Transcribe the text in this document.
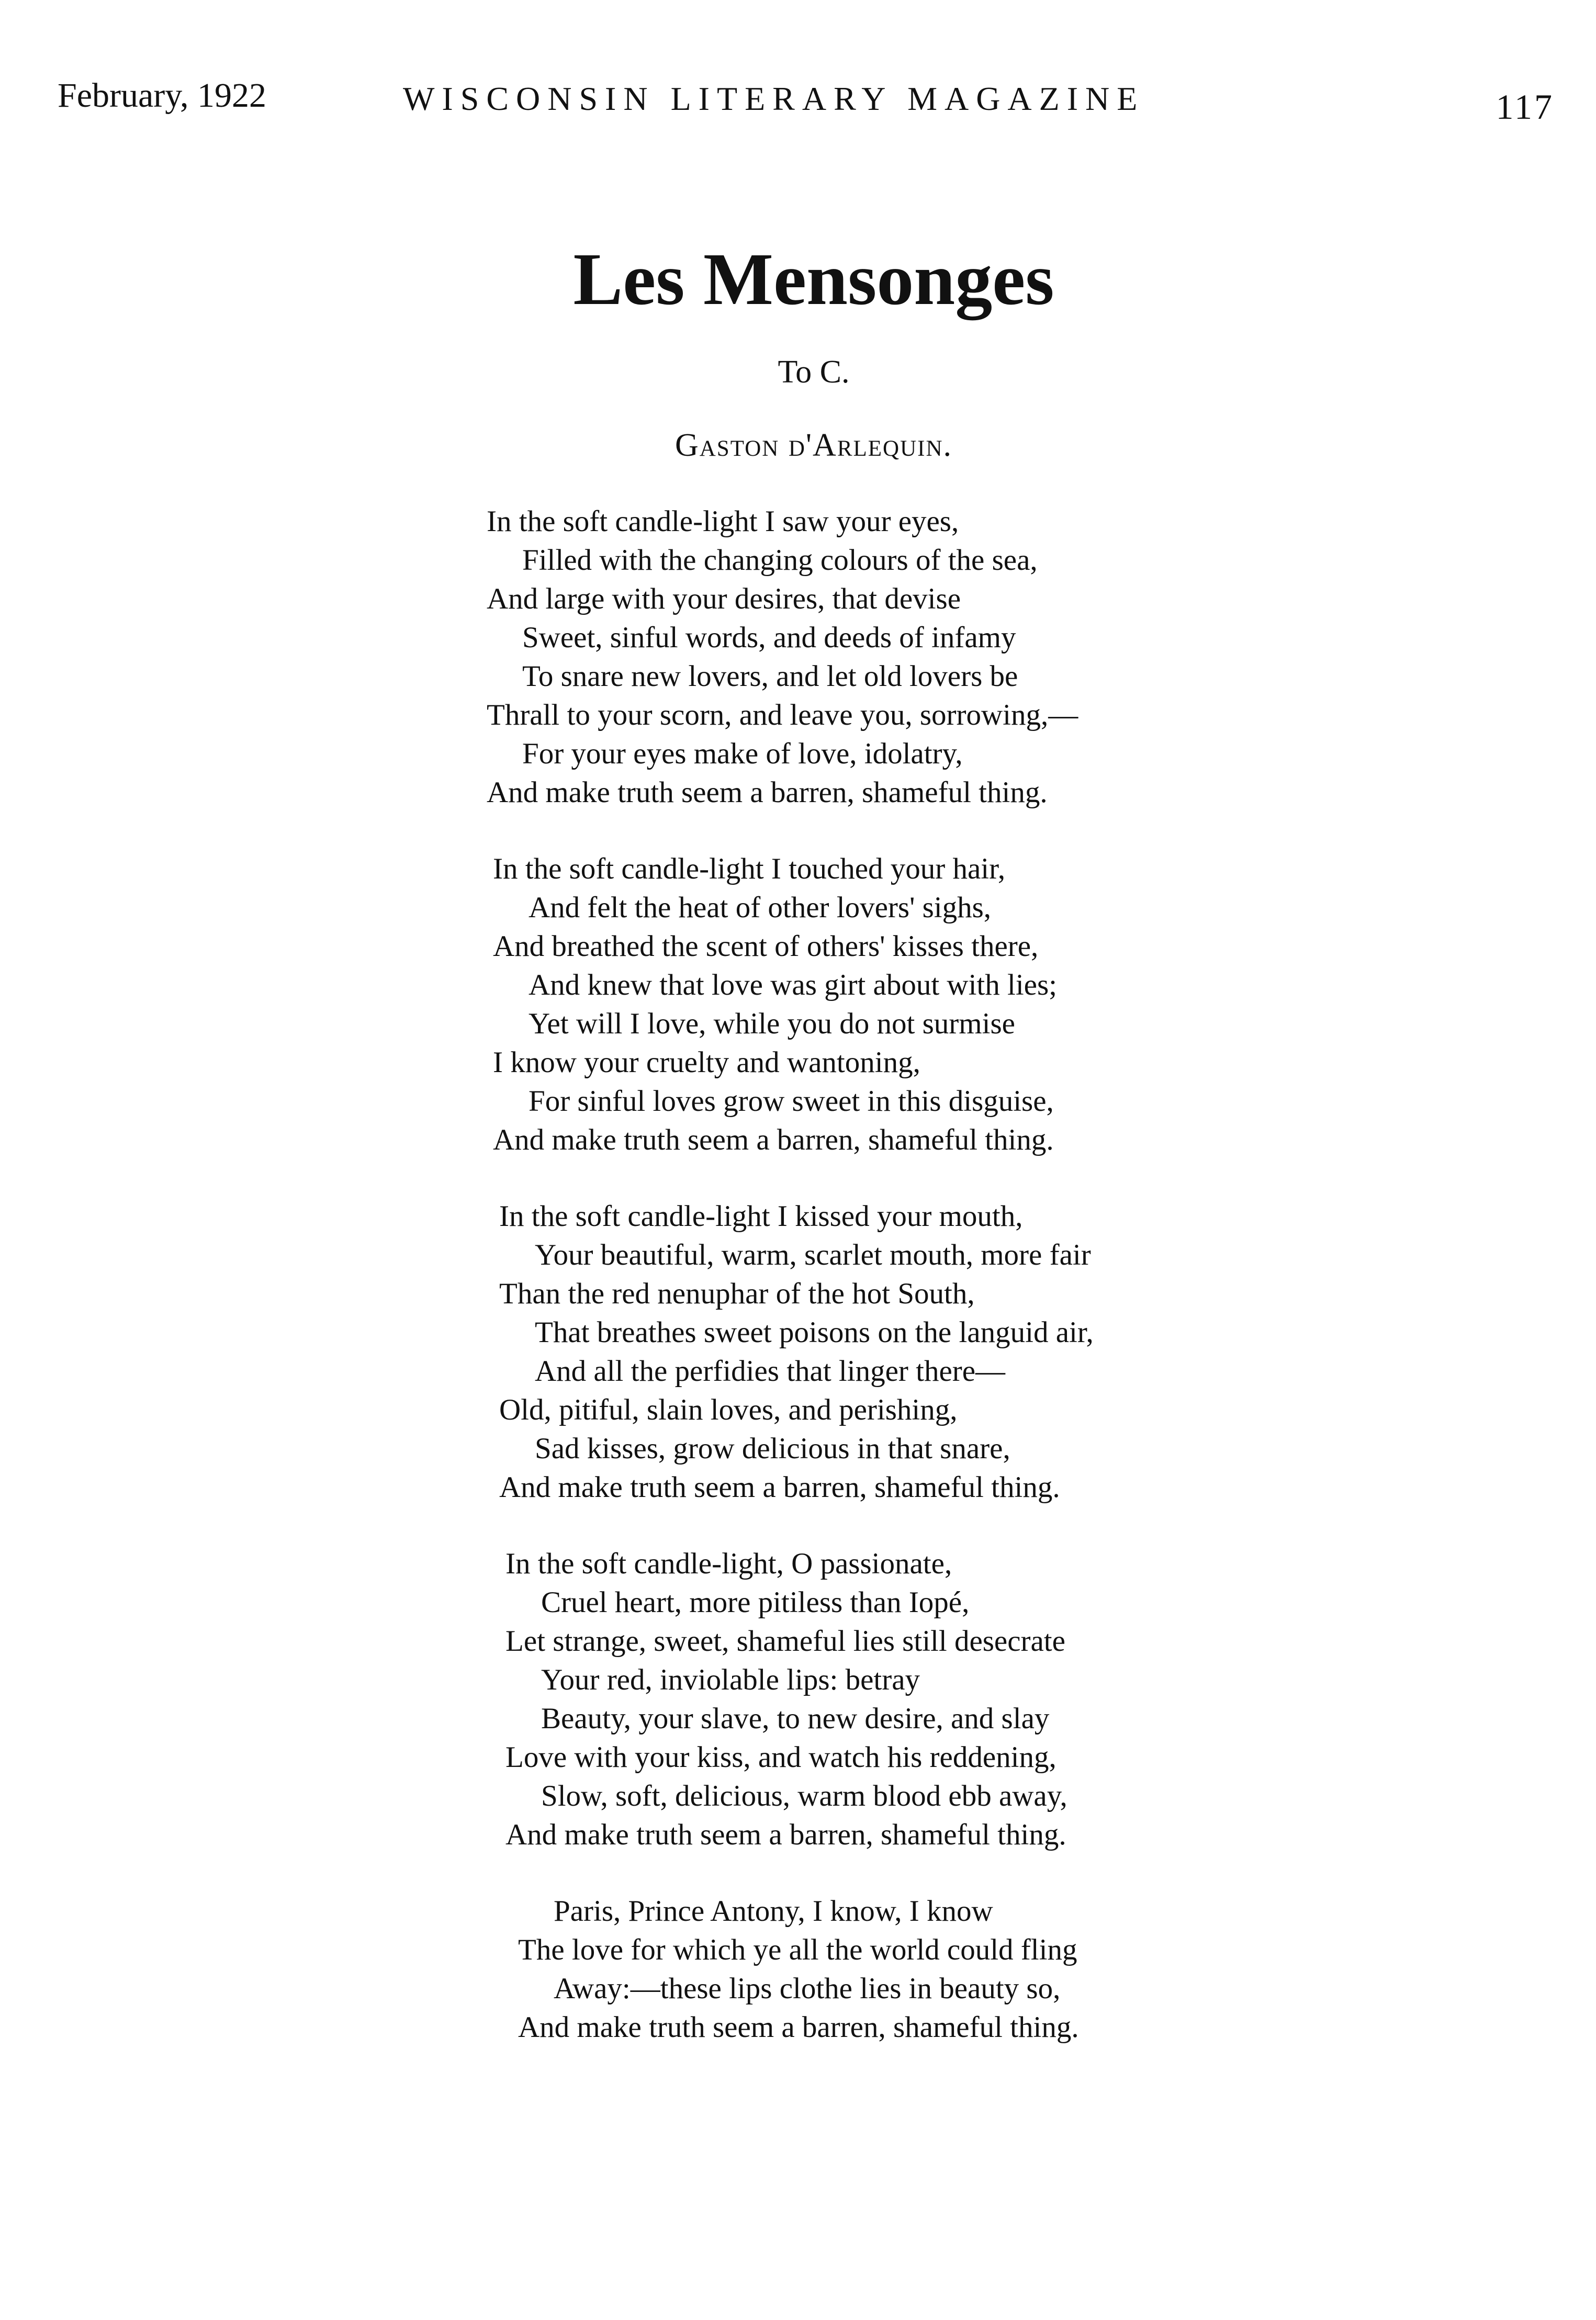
February, 1922	WISCONSIN LITERARY MAGAZINE	117
Les Mensonges
To C.
Gaston d'Arlequin.
In the soft candle-light I saw your eyes,
Filled with the changing colours of the sea,
And large with your desires, that devise
Sweet, sinful words, and deeds of infamy
To snare new lovers, and let old lovers be
Thrall to your scorn, and leave you, sorrowing,—
For your eyes make of love, idolatry,
And make truth seem a barren, shameful thing.
In the soft candle-light I touched your hair,
And felt the heat of other lovers' sighs,
And breathed the scent of others' kisses there,
And knew that love was girt about with lies;
Yet will I love, while you do not surmise
I know your cruelty and wantoning,
For sinful loves grow sweet in this disguise,
And make truth seem a barren, shameful thing.
In the soft candle-light I kissed your mouth,
Your beautiful, warm, scarlet mouth, more fair
Than the red nenuphar of the hot South,
That breathes sweet poisons on the languid air,
And all the perfidies that linger there—
Old, pitiful, slain loves, and perishing,
Sad kisses, grow delicious in that snare,
And make truth seem a barren, shameful thing.
In the soft candle-light, O passionate,
Cruel heart, more pitiless than Iopé,
Let strange, sweet, shameful lies still desecrate
Your red, inviolable lips: betray
Beauty, your slave, to new desire, and slay
Love with your kiss, and watch his reddening,
Slow, soft, delicious, warm blood ebb away,
And make truth seem a barren, shameful thing.
Paris, Prince Antony, I know, I know
The love for which ye all the world could fling
Away:—these lips clothe lies in beauty so,
And make truth seem a barren, shameful thing.
